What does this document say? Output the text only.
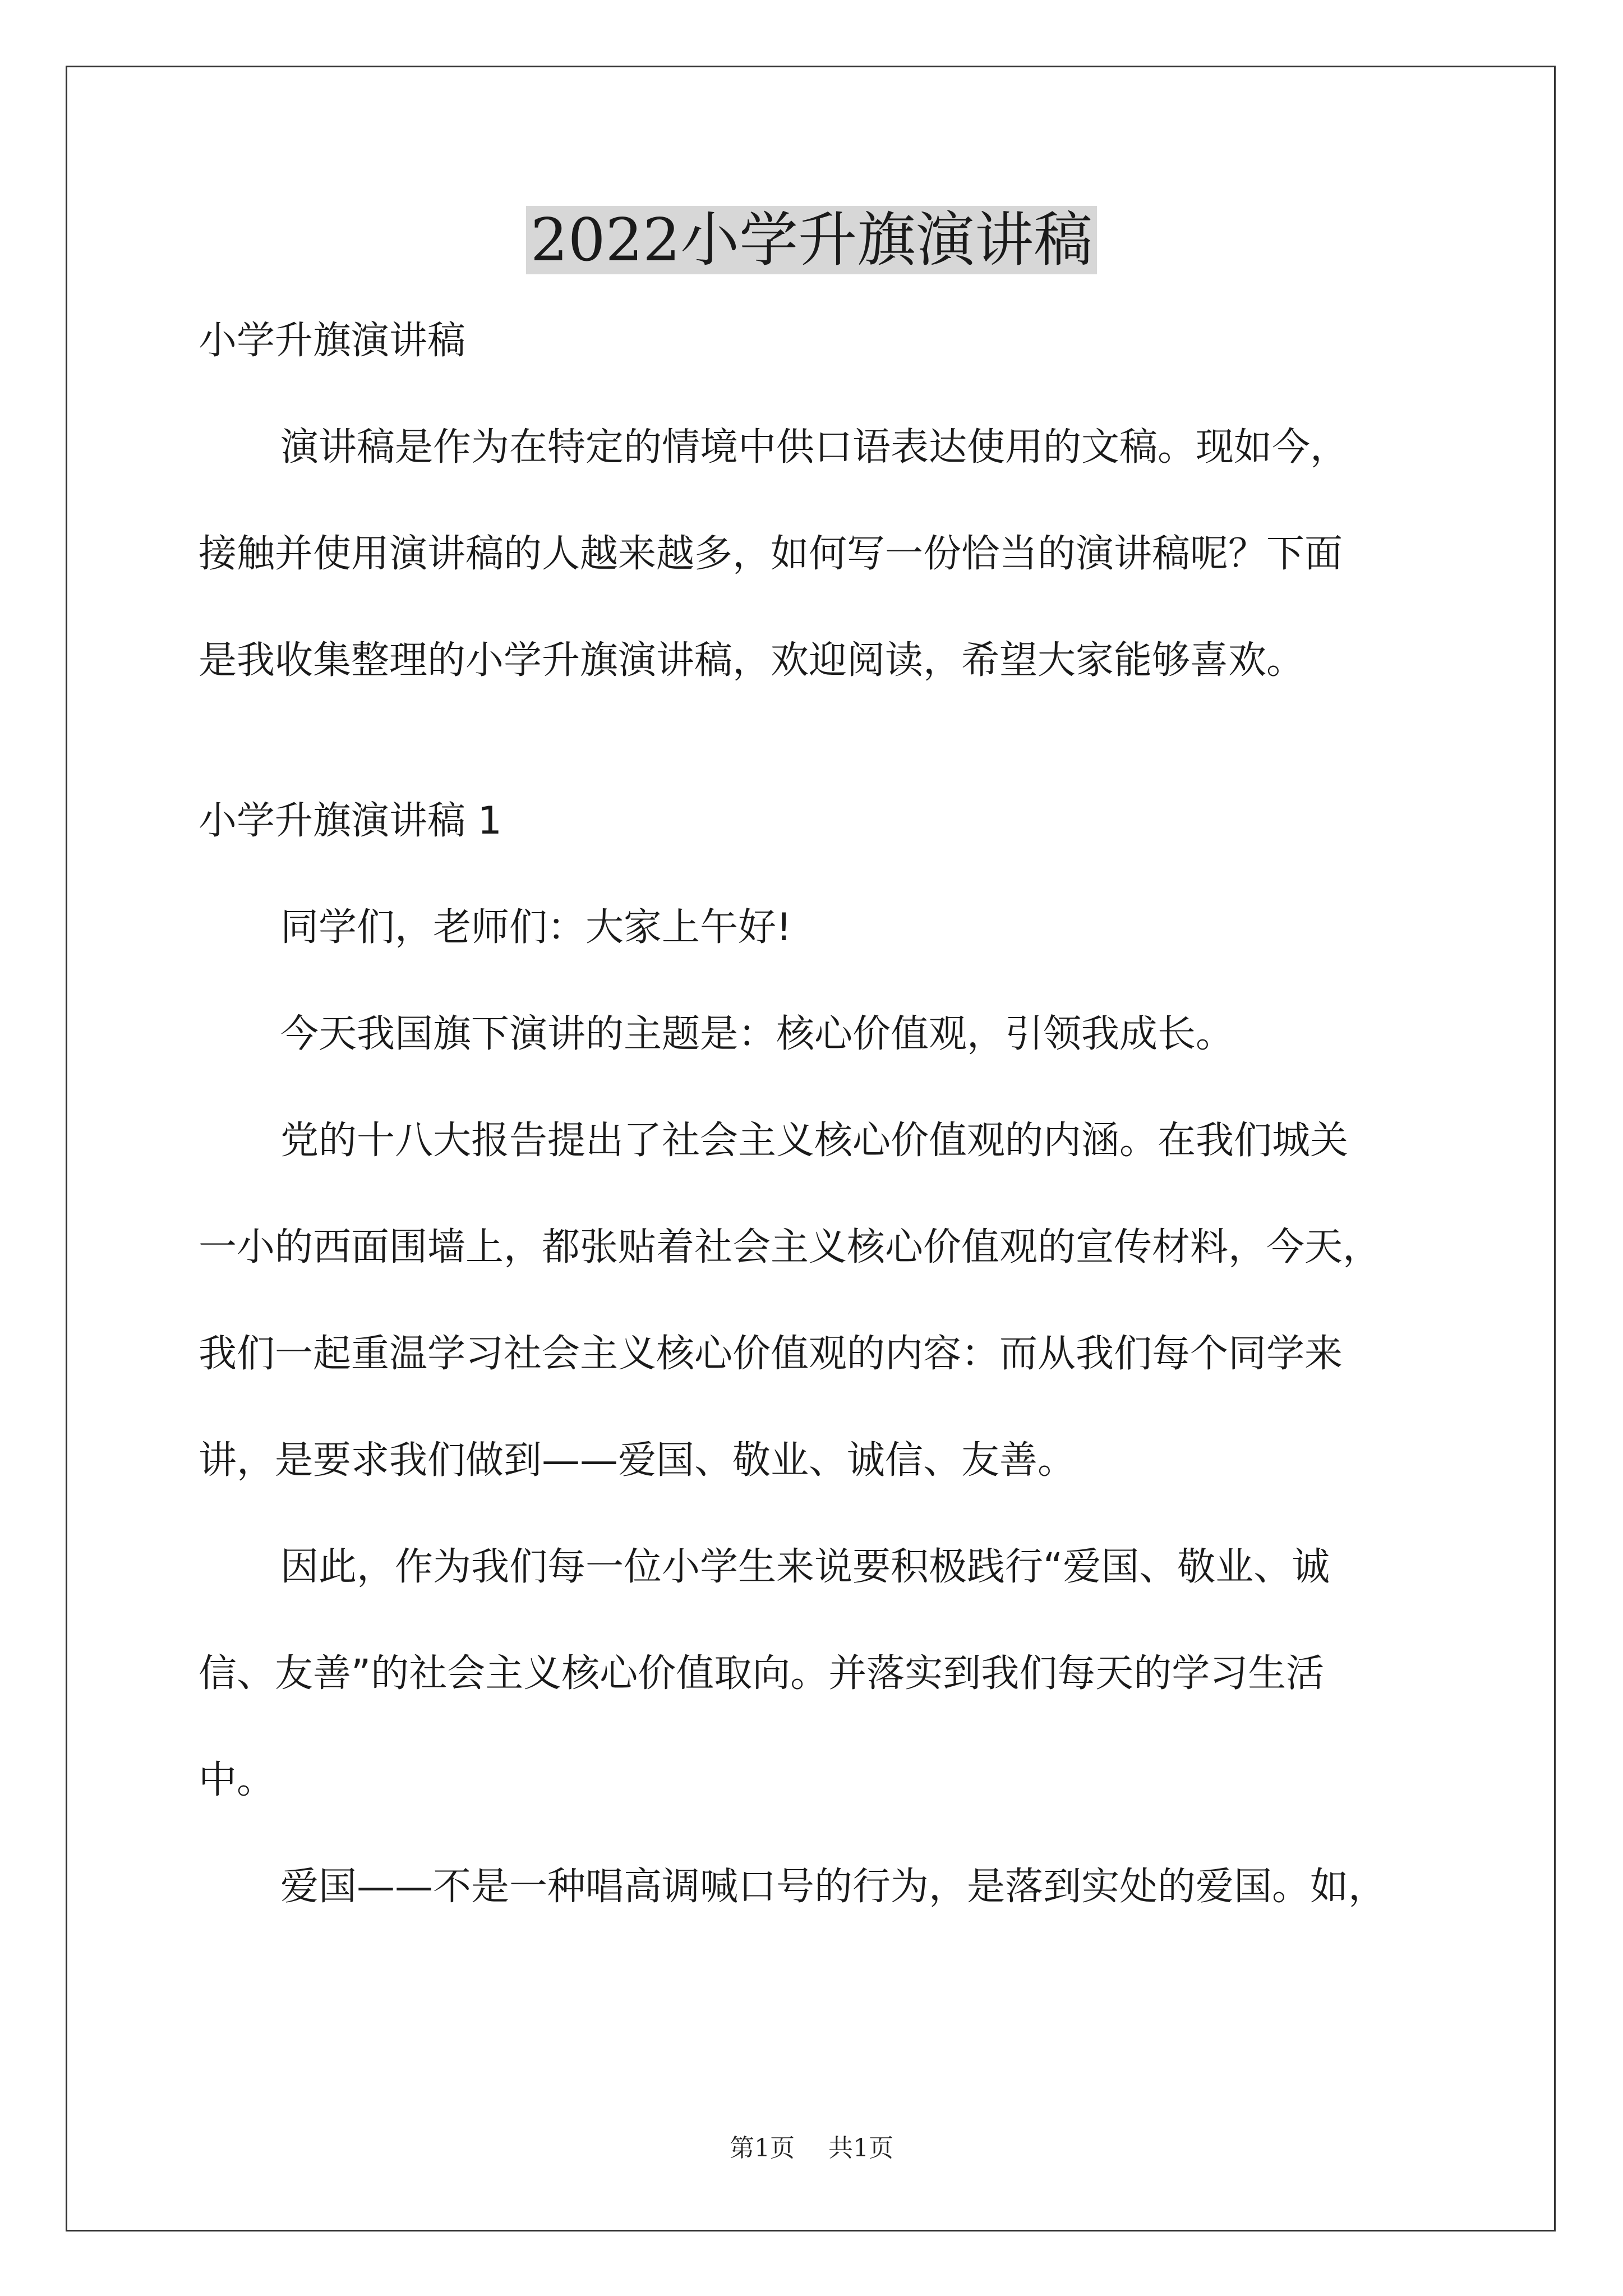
2022小学升旗演讲稿
小学升旗演讲稿
演讲稿是作为在特定的情境中供口语表达使用的文稿。现如今，
接触并使用演讲稿的人越来越多，如何写一份恰当的演讲稿呢？下面
是我收集整理的小学升旗演讲稿，欢迎阅读，希望大家能够喜欢。
小学升旗演讲稿 1
同学们，老师们：大家上午好!
今天我国旗下演讲的主题是：核心价值观，引领我成长。
党的十八大报告提出了社会主义核心价值观的内涵。在我们城关
一小的西面围墙上，都张贴着社会主义核心价值观的宣传材料，今天，
我们一起重温学习社会主义核心价值观的内容：而从我们每个同学来
讲，是要求我们做到——爱国、敬业、诚信、友善。
因此，作为我们每一位小学生来说要积极践行“爱国、敬业、诚
信、友善”的社会主义核心价值取向。并落实到我们每天的学习生活
中。
爱国——不是一种唱高调喊口号的行为，是落到实处的爱国。如，
第1页 共1页
